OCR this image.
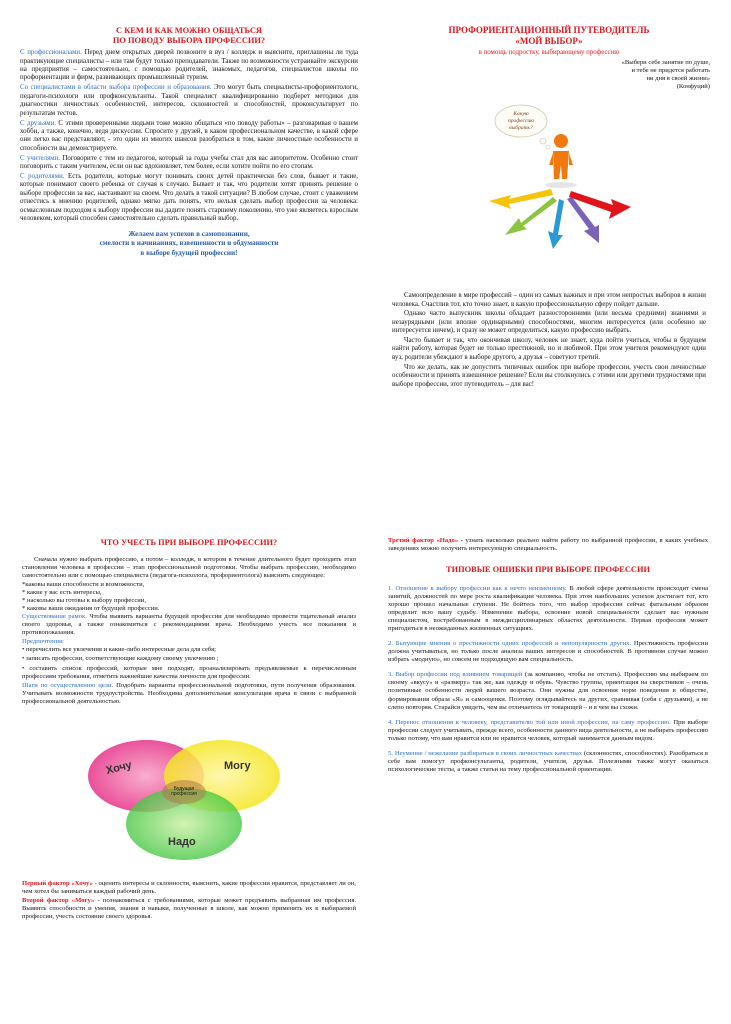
С КЕМ И КАК МОЖНО ОБЩАТЬСЯ
ПО ПОВОДУ ВЫБОРА ПРОФЕССИИ?

С профессионалами. Перед днем открытых дверей позвоните в вуз / колледж и выясните, приглашены ли туда практикующие специалисты – или там будут только преподаватели. Также по возможности устраивайте экскурсии на предприятия – самостоятельно, с помощью родителей, знакомых, педагогов, специалистов школы по профориентации и фирм, развивающих промышленный туризм.

Со специалистами в области выбора профессии и образования. Это могут быть специалисты-профориентологи, педагоги-психологи или профконсультанты. Такой специалист квалифицированно подберет методики для диагностики личностных особенностей, интересов, склонностей и способностей, проконсультирует по результатам тестов.

С друзьями. С этими проверенными людьми тоже можно общаться «по поводу работы» – разговаривая о вашем хобби, а также, конечно, ведя дискуссии. Спросите у друзей, в каком профессиональном качестве, в какой сфере они легко вас представляют, - это один из многих шансов разобраться в том, какие личностные особенности и способности вы демонстрируете.

С учителями. Поговорите с тем из педагогов, который за годы учебы стал для вас авторитетом. Особенно стоит поговорить с таким учителем, если он вас вдохновляет, тем более, если хотите пойти по его стопам.

С родителями. Есть родители, которые могут понимать своих детей практически без слов, бывает и такие, которые понимают своего ребенка от случая к случаю. Бывает и так, что родители хотят принять решение о выборе профессии за вас, настаивают на своем. Что делать в такой ситуации? В любом случае, стоит с уважением отнестись к мнению родителей, однако мягко дать понять, что нельзя сделать выбор профессии за человека: осмысленным подходом к выбору профессии вы дадите понять старшему поколению, что уже являетесь взрослым человеком, который способен самостоятельно сделать правильный выбор.

Желаем вам успехов в самопознании,
смелости в начинаниях, взвешенности и обдуманности
в выборе будущей профессии!
ПРОФОРИЕНТАЦИОННЫЙ ПУТЕВОДИТЕЛЬ
«МОЙ ВЫБОР»
в помощь подростку, выбирающему профессию
«Выбери себе занятие по душе,
и тебе не придется работать
ни дня в своей жизни»
(Конфуций)
Какую
профессию
выбрать?

Самоопределение в мире профессий – один из самых важных и при этом непростых выборов в жизни человека. Счастлив тот, кто точно знает, в какую профессиональную сферу пойдет дальше.

Однако часто выпускник школы обладает разносторонними (или весьма средними) знаниями и незаурядными (или вполне ординарными) способностями, многим интересуется (или особенно не интересуется ничем), и сразу не может определиться, какую профессию выбрать.

Часто бывает и так, что окончивая школу, человек не знает, куда пойти учиться, чтобы в будущем найти работу, которая будет не только престижной, но и любимой. При этом учителя рекомендуют один вуз, родители убеждают в выборе другого, а друзья – советуют третий.

Что же делать, как не допустить типичных ошибок при выборе профессии, учесть свои личностные особенности и принять взвешенное решение? Если вы столкнулись с этими или другими трудностями при выборе профессии, этот путеводитель – для вас!

ЧТО УЧЕСТЬ ПРИ ВЫБОРЕ ПРОФЕССИИ?

Сначала нужно выбрать профессию, а потом – колледж, в котором в течение длительного будет проходить этап становления человека в профессии – этап профессиональной подготовки. Чтобы выбрать профессию, необходимо самостоятельно или с помощью специалиста (педагога-психолога, профориентолога) выяснить следующее:

*каковы ваши способности и возможности,
* какие у вас есть интересы,
* насколько вы готовы к выбору профессии,
* каковы ваши ожидания от будущей профессии.

Существование рамок. Чтобы выявить варианты будущей профессии для необходимо провести тщательный анализ своего здоровья, а также ознакомиться с рекомендациями врача. Необходимо учесть все показания и противопоказания.

Предпочтения:

• перечислить все увлечения и какие-либо интересные дела для себя;

• записать профессии, соответствующие каждому своему увлечению ;

• составить список профессий, которые мне подходят, проанализировать предъявляемые к перечисленным профессиям требования, отметить важнейшие качества личности для профессии.

Шаги по осуществлению цели. Подобрать варианты профессиональной подготовки, пути получения образования. Учитывать возможности трудоустройства. Необходима дополнительная консультация врача в связи с выбранной профессиональной деятельностью.

Хочу	Могу
Надо
Будущая профессия

Первый фактор «Хочу» - оценить интересы и склонности, выяснить, какие профессии нравится, представляет ли он, чем хотел бы заниматься каждый рабочий день.

Второй фактор «Могу» - познакомиться с требованиями, которые может предъявить выбранная им профессия. Выявить способности и умения, знания и навыки, полученные в школе, как можно применить их к выбираемой профессии, учесть состояние своего здоровья.

Третий фактор «Надо» - узнать насколько реально найти работу по выбранной профессии, в каких учебных заведениях можно получить интересующую специальность.

ТИПОВЫЕ ОШИБКИ ПРИ ВЫБОРЕ ПРОФЕССИИ

1. Отношение к выбору профессии как к нечто неизменному. В любой сфере деятельности происходит смена занятий, должностей по мере роста квалификации человека. При этом наибольших успехов достигает тот, кто хорошо прошел начальные ступени. Не бойтесь того, что выбор профессии сейчас фатальным образом определит всю вашу судьбу. Изменение выбора, освоение новой специальности сделает вас нужным специалистом, востребованным в междисциплинарных областях деятельности. Первая профессия может пригодиться в неожиданных жизненных ситуациях.

2. Бытующие мнения о престижности одних профессий и непопулярности других. Престижность профессии должна учитываться, но только после анализа ваших интересов и способностей. В противном случае можно избрать «модную», но совсем не подходящую вам специальность.

3. Выбор профессии под влиянием товарищей (за компанию, чтобы не отстать). Профессию мы выбираем по своему «вкусу» и «размеру» так же, как одежду и обувь. Чувство группы, ориентация на сверстников – очень позитивные особенности людей вашего возраста. Они нужны для освоения норм поведения в обществе, формирования образа «Я» и самооценки. Поэтому оглядывайтесь на других, сравнивая (себя с друзьями), а не слепо повторяя. Старайся увидеть, чем вы отличаетесь от товарищей – и в чем вы схожи.

4. Перенос отношения к человеку, представителю той или иной профессии, на саму профессию. При выборе профессии следует учитывать, прежде всего, особенности данного вида деятельности, а не выбирать профессию только потому, что вам нравится или не нравится человек, который занимается данным видом.

5. Неумение / нежелание разбираться в своих личностных качествах (склонностях, способностях). Разобраться в себе вам помогут профконсультанты, родители, учителя, друзья. Полезными также могут оказаться психологические тесты, а также статьи на тему профессиональной ориентации.
